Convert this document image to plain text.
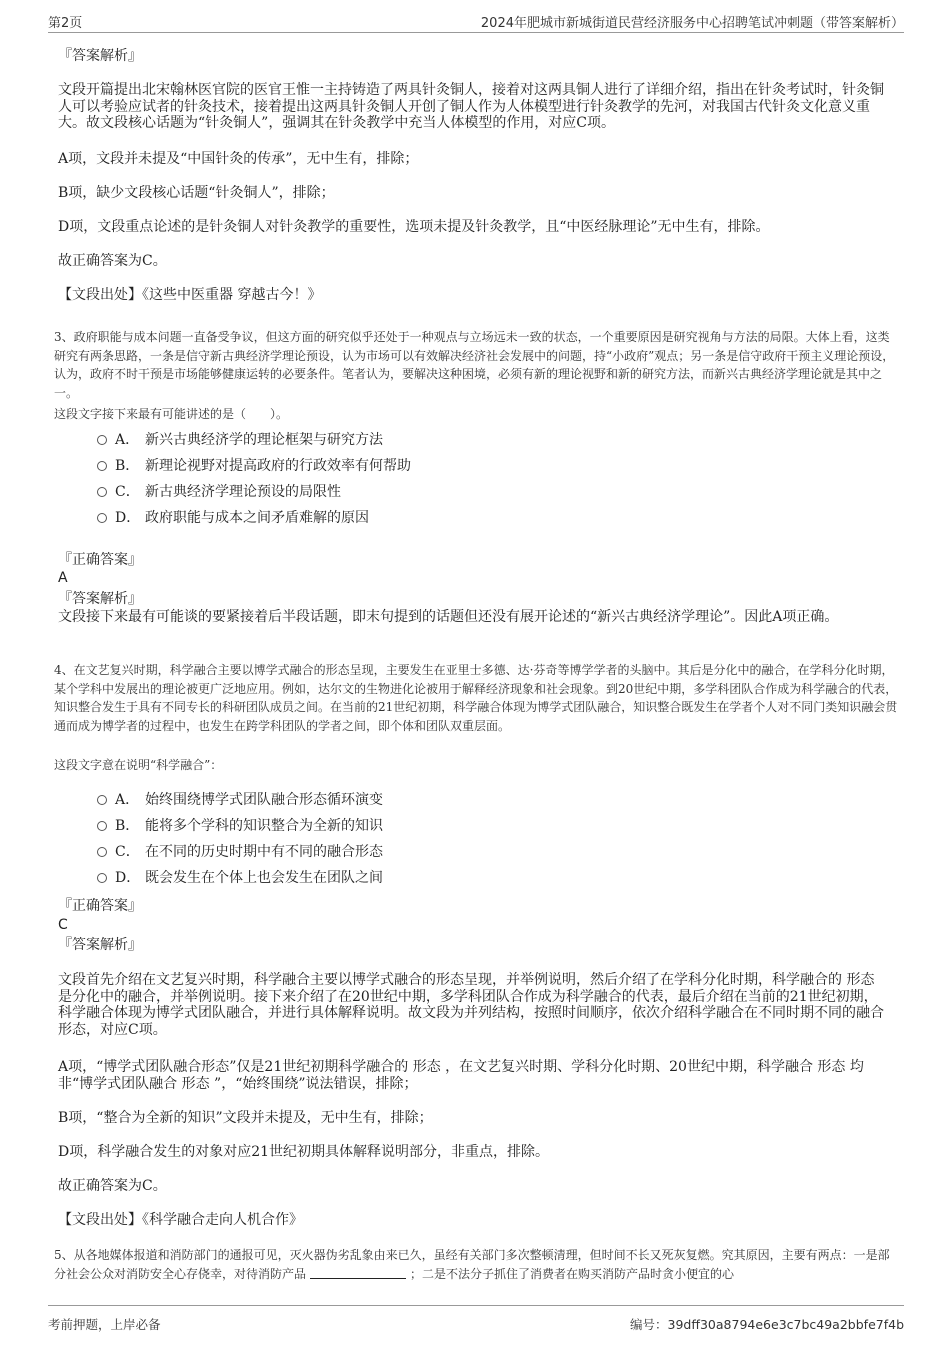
第2页	2024年肥城市新城街道民营经济服务中心招聘笔试冲刺题（带答案解析）
『答案解析』
文段开篇提出北宋翰林医官院的医官王惟一主持铸造了两具针灸铜人，接着对这两具铜人进行了详细介绍，指出在针灸考试时，针灸铜人可以考验应试者的针灸技术，接着提出这两具针灸铜人开创了铜人作为人体模型进行针灸教学的先河，对我国古代针灸文化意义重大。故文段核心话题为“针灸铜人”，强调其在针灸教学中充当人体模型的作用，对应C项。
A项，文段并未提及“中国针灸的传承”，无中生有，排除；
B项，缺少文段核心话题“针灸铜人”，排除；
D项，文段重点论述的是针灸铜人对针灸教学的重要性，选项未提及针灸教学，且“中医经脉理论”无中生有，排除。
故正确答案为C。
【文段出处】《这些中医重器 穿越古今！》
3、政府职能与成本问题一直备受争议，但这方面的研究似乎还处于一种观点与立场远未一致的状态，一个重要原因是研究视角与方法的局限。大体上看，这类研究有两条思路，一条是信守新古典经济学理论预设，认为市场可以有效解决经济社会发展中的问题，持“小政府”观点；另一条是信守政府干预主义理论预设，认为，政府不时干预是市场能够健康运转的必要条件。笔者认为，要解决这种困境，必须有新的理论视野和新的研究方法，而新兴古典经济学理论就是其中之一。
这段文字接下来最有可能讲述的是（　　）。
A． 新兴古典经济学的理论框架与研究方法
B． 新理论视野对提高政府的行政效率有何帮助
C． 新古典经济学理论预设的局限性
D． 政府职能与成本之间矛盾难解的原因
『正确答案』
A
『答案解析』
文段接下来最有可能谈的要紧接着后半段话题，即末句提到的话题但还没有展开论述的“新兴古典经济学理论”。因此A项正确。
4、在文艺复兴时期，科学融合主要以博学式融合的形态呈现，主要发生在亚里士多德、达·芬奇等博学学者的头脑中。其后是分化中的融合，在学科分化时期，某个学科中发展出的理论被更广泛地应用。例如，达尔文的生物进化论被用于解释经济现象和社会现象。到20世纪中期，多学科团队合作成为科学融合的代表，知识整合发生于具有不同专长的科研团队成员之间。在当前的21世纪初期，科学融合体现为博学式团队融合，知识整合既发生在学者个人对不同门类知识融会贯通而成为博学者的过程中，也发生在跨学科团队的学者之间，即个体和团队双重层面。
这段文字意在说明“科学融合”：
A． 始终围绕博学式团队融合形态循环演变
B． 能将多个学科的知识整合为全新的知识
C． 在不同的历史时期中有不同的融合形态
D． 既会发生在个体上也会发生在团队之间
『正确答案』
C
『答案解析』
文段首先介绍在文艺复兴时期，科学融合主要以博学式融合的形态呈现，并举例说明，然后介绍了在学科分化时期，科学融合的 形态 是分化中的融合，并举例说明。接下来介绍了在20世纪中期，多学科团队合作成为科学融合的代表，最后介绍在当前的21世纪初期，科学融合体现为博学式团队融合，并进行具体解释说明。故文段为并列结构，按照时间顺序，依次介绍科学融合在不同时期不同的融合形态，对应C项。
A项，“博学式团队融合形态”仅是21世纪初期科学融合的 形态 ，在文艺复兴时期、学科分化时期、20世纪中期，科学融合 形态 均非“博学式团队融合 形态 ”，“始终围绕”说法错误，排除；
B项，“整合为全新的知识”文段并未提及，无中生有，排除；
D项，科学融合发生的对象对应21世纪初期具体解释说明部分，非重点，排除。
故正确答案为C。
【文段出处】《科学融合走向人机合作》
5、从各地媒体报道和消防部门的通报可见，灭火器伪劣乱象由来已久，虽经有关部门多次整顿清理，但时间不长又死灰复燃。究其原因，主要有两点：一是部分社会公众对消防安全心存侥幸，对待消防产品	；二是不法分子抓住了消费者在购买消防产品时贪小便宜的心
考前押题，上岸必备	编号：39dff30a8794e6e3c7bc49a2bbfe7f4b
